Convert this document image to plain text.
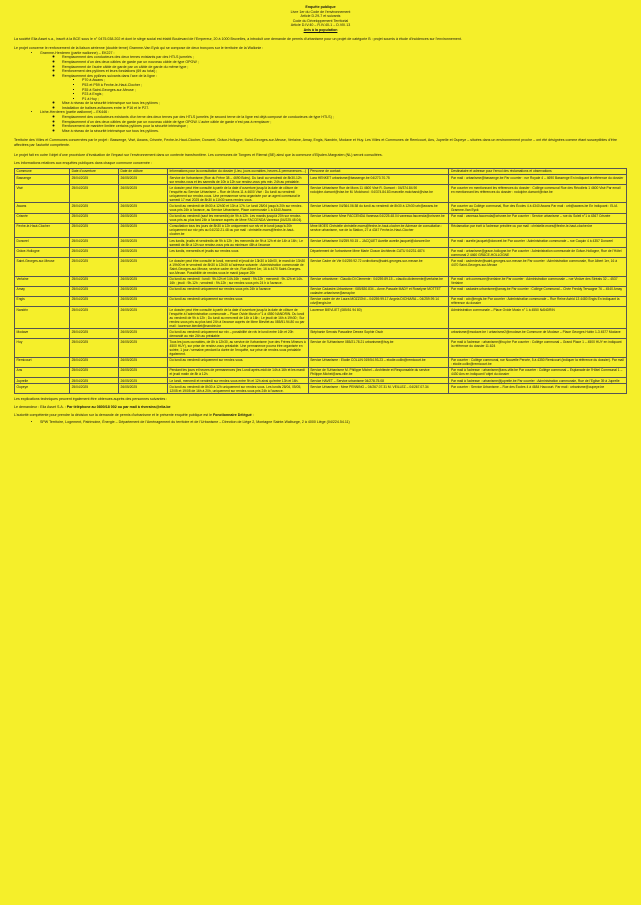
Enquête publique

Livre 1er du Code de l'environnement

Article D.29-7 et suivants

Code du Développement Territorial

Article D.IV.40 – R.IV.40-1 – D.VIII.13

Avis à la population

La société Elia Asset s.a., inscrit à la BCE sous le n° 0475.038.202 et dont le siège social est établi Boulevard de l'Empereur, 20 à 1000 Bruxelles, a introduit une demande de permis d'urbanisme pour un projet de catégorie B : projet soumis à étude d'incidences sur l'environnement.

Le projet concerne le renforcement de la liaison aérienne (double terne) Gramme-Van Eyck qui se compose de deux tronçons sur le territoire de la Wallonie :

• Gramme-Herderen (partie wallonne) – EK227 :
◦ Remplacement des conducteurs des deux ternes existants par des HTLS jumelés ;
◦ Remplacement d'un des deux câbles de garde par un nouveau câble de type OPGW ;
◦ Remplacement de l'autre câble de garde par un câble de garde du même type ;
◦ Renforcement des pylônes et leurs fondations (69 au total) ;
◦ Remplacement des pylônes suivants dans l'axe de la ligne :
▪ P70 à Awans ;
▪ P53 et P59 à Fexhe-le-Haut-Clocher ;
▪ P35 à Saint-Georges-sur-Meuse ;
▪ P23 à Engis ;
▪ P1 à Huy ;
◦ Mise à niveau de la sécurité intrinsèque sur tous les pylônes ;
◦ Installation de balises avifaunes entre le P16 et le P27.
• Lixhe-Herderen (partie wallonne) – EK446 :
◦ Remplacement des conducteurs existants d'un terne des deux ternes par des HTLS jumelés (le second terne de la ligne est déjà composé de conducteurs de type HTLS) ;
◦ Remplacement d'un des deux câbles de garde par un nouveau câble de type OPGW. L'autre câble de garde n'est pas à remplacer ;
◦ Renforcement de manière limitée certains pylônes pour la sécurité intrinsèque ;
◦ Mise à niveau de la sécurité intrinsèque sur tous les pylônes.

Territoire des Villes et Communes concernées par le projet : Bassenge, Visé, Awans, Crisnée, Fexhe-le-Haut-Clocher, Donceel, Grâce-Hollogne, Saint-Georges-sur-Meuse, Verlaine, Amay, Engis, Nandrin, Modave et Huy. Les Villes et Communes de Remicourt, Ans, Juprelle et Oupeye – situées dans un environnement proche – ont été désignées comme étant susceptibles d'être affectées par l'autorité compétente.

Le projet fait en outre l'objet d'une procédure d'évaluation de l'impact sur l'environnement dans un contexte transfrontière. Les communes de Tongres et Riemst (BE) ainsi que la commune d'Eijsden-Margraten (NL) seront consultées.

Les informations relatives aux enquêtes publiques dans chaque commune concernée :

Commune	Date d'ouverture	Date de clôture	Informations pour la consultation du dossier (Lieu, jours ouvrables, heures & permanences…)	Personne de contact	Destinataire et adresse pour l'envoi des réclamations et observations
Bassenge	25/04/2025	26/05/2025	Service de l'urbanisme (Rue du Frêne 38 – 4690 Boirs). Du lundi au vendredi de 8h30-12h sur rendez-vous et les samedis de 10h à 12h sur rendez-vous pris min. 24h au préalable.	Lara HENKET urbanisme@bassenge.be 04/273.70.75	Par mail : urbanisme@bassenge.be Par courrier : rue Royale 4 – 4690 Bassenge En indiquant la référence du dossier
Visé	25/04/2025	26/05/2025	Le dossier peut être consulté à partir de la date d'ouverture jusqu'à la date de clôture de l'enquête au Service Urbanisme – Rue de Mons 11 à 4600 Visé : Du lundi au vendredi uniquement sur rendez-vous. Une permanence sera organisée par un agent communal le samedi 17 mai 2025 de 8h30 à 11h30 sans rendez-vous.	Service Urbanisme Rue de Mons 11 4600 Visé R. Dumont : 04/374.84.90 rodolphe.dumont@vise.be M. Molchand : 04/374.84.83 marcelle.molchand@vise.be	Par courrier en mentionnant les références du dossier : Collège communal Rue des Récollets 1 4600 Visé Par email en mentionnant les références du dossier : rodolphe.dumont@vise.be
Awans	25/04/2025	26/05/2025	Du lundi au vendredi de 8h30 à 12h30 et 13h à 17h. Le lundi 28/04 jusqu'à 20h sur rendez-vous pris 24h à l'avance, au Service Urbanisme, Place communale 1 à 4340 Awans	Service Urbanisme 04/364.06.58 du lundi au vendredi de 8h30 à 12h30 urb@awans.be	Par courrier au Collège communal, Rue des Écoles 4 à 4340 Awans Par mail : urb@awans.be En indiquant : ELIA Gramme-Van Eyck
Crisnée	25/04/2025	26/05/2025	Du lundi au vendredi (sauf les mercredis) de 9h à 12h. Les mardis jusqu'à 20h sur rendez-vous pris au plus tard 24h à l'avance auprès de Mme FACCENDA Vanessa (04/225.48.04).	Service Urbanisme Mme FACCENDA Vanessa 04/225.48.04 vanessa.faccenda@crisnee.be	Par mail : vanessa.faccenda@crisnee.be Par courrier : Service urbanisme – rue du Soleil n°1 à 4367 Crisnée
Fexhe-le-Haut-Clocher	25/04/2025	26/05/2025	Consultation tous les jours de 8h30 à 12h uniquement sur rdv et le lundi jusqu'à 20h uniquement sur rdv pris au 04/232.21.48 ou par mail : christelle.moes@fexhe-le-haut-clocher.be	Mme MOES Christelle christelle.moes@fexhe-le-haut-clocher.be Adresse de consultation : service urbanisme, rue de la Station, 27 à 4347 Fexhe-le-Haut-Clocher	Réclamation par écrit à l'adresse précitée ou par mail : christelle.moes@fexhe-le-haut-clocher.be
Donceel	25/04/2025	26/05/2025	Les lundis, jeudis et vendredis de 9h à 12h ; les mercredis de 9h à 12h et de 14h à 16h ; Le samedi de 8h à 12h sur rendez-vous pris au minimum 48h à l'avance	Service Urbanisme 04/259.90.15 – JACQUET Aurélie aurelie.jacquet@donceel.be	Par mail : aurelie.jacquet@donceel.be Par courrier : Administration communale – rue Caquin 4 à 4357 Donceel
Grâce-Hollogne	25/04/2025	26/05/2025	Les lundis, mercredis et jeudis sur rendez-vous	Département de l'urbanisme Mme Marie Closon Architecte-CATU 04/231.4874	Par mail : urbanisme@grace-hollogne.be Par courrier : Administration communale de Grâce-Hollogne, Rue de l'Hôtel communal 2 4460 GRÂCE-HOLLOGNE
Saint-Georges-sur-Meuse	25/04/2025	26/05/2025	Le dossier peut être consulté le lundi, mercredi et jeudi de 13h30 à 16h00, le mardi de 13h30 à 19h00 et le vendredi de 8h30 à 12h30 à l'adresse suivante : Administration communale de Saint-Georges-sur-Meuse, service cadre de vie, Rue Albert 1er, 16 à 4470 Saint-Georges-sur-Meuse. Possibilité de rendez-vous le mardi jusque 20h	Service Cadre de Vie 04/259.92.72 cvdirctions@saint-georges-sur-meuse.be	Par mail : cadredevie@saint-georges-sur-meuse.be Par courrier : Administration communale, Rue Albert 1er, 16 à 4470 Saint-Georges-sur-Meuse
Verlaine	25/04/2025	26/05/2025	Du lundi au vendredi : lundi : 9h-12h et 14h-16h ; mardi : 9h-12h ; mercredi : 9h-12h et 14h-16h ; jeudi : 9h-12h ; vendredi : 9h-12h ; sur rendez-vous pris 24 h à l'avance.	Service urbanisme : Claudio Di Clemente : 04/259.89.15 – claudio.diclemente@verlaine.be	Par mail : urb.commune@verlaine.be Par courrier : Administration communale – rue Vinâve des Stréats 32 – 4537 Verlaine
Amay	25/04/2025	26/05/2025	Du lundi au vendredi uniquement sur rendez-vous pris 24h à l'avance	Service Cadastre-Urbanisme : 085/830.834 – Anne-Pascale MADY et Roselyne MOTTET cadastre.urbanisme@amay.be	Par mail : cadastre.urbanisme@amay.be Par courrier : Collège Communal – Chée Freddy Terwagne 76 – 4540 Amay
Engis	25/04/2025	26/05/2025	Du lundi au vendredi uniquement sur rendez-vous	Service cadre de vie Laura MOZZONI – 04/259.99.17 Angela DICHIARA – 04/259.99.14 cdv@engis.be	Par mail : cdv@engis.be Par courrier : Administration communale – Rue Reine Astrid 13 4480 Engis En indiquant la référence du dossier
Nandrin	25/04/2025	26/05/2025	Le dossier peut être consulté à partir de la date d'ouverture jusqu'à la date de clôture de l'enquête à l'administration communale – Place Ovide Musin n°1 à 4550 NANDRIN. Du lundi au vendredi de 9h à 12h ; Du lundi au mercredi de 14h à 16h ; Le jeudi de 16h à 19h30 ; Sur rendez-vous pris au plus tard 24h à l'avance auprès de Mme Bievliet au 085/51.94.80 ou par mail : laurence.bievliet@nandrin.be	Laurence BIEVLIET (085/51 94 80)	Administration communale – Place Ovide Musin n° 1 à 4550 NANDRIN
Modave	25/04/2025	26/05/2025	Du lundi au vendredi uniquement sur rdv – possibilité de rdv le lundi entre 16h et 20h demandé au min 24h au préalable	Stéphanie Servais Pascaline Dewez Sophie Osoh	urbanisme@modave.be / urbanisme2@modave.be Commune de Modave – Place Georges Hubin 1-3 4577 Modave
Huy	25/04/2025	26/05/2025	Tous les jours ouvrables, de 8h à 12h30, au service de l'urbanisme (rue des Frères Mineurs à 4500 HUY), sur prise de rendez-vous préalable. Une permanence pourra être organisée en soirée, 1 jour / semaine pendant la durée de l'enquête, sur prise de rendez-vous préalable également.	Service de l'Urbanisme 085/21.78.21 urbanisme@huy.be	Par mail à l'adresse : urbanisme@huy.be Par courrier : Collège communal – Grand Place 1 – 4500 HUY en indiquant la référence du dossier 11.624
Remicourt	25/04/2025	26/05/2025	Du lundi au vendredi uniquement sur rendez-vous.	Service Urbanisme : Elodie COLLIN 019/54.93.23 – elodie.collin@remicourt.be	Par courrier : Collège communal, rue Nouvelle Percée, 5 à 4350 Remicourt (indiquer la référence du dossier). Par mail : elodie.collin@remicourt.be
Ans	25/04/2025	26/05/2025	Pendant les jours et heures de permanences (les Lundi après-midi de 14h à 16h et les mardi et jeudi matin de 8h à 12h.	Service de l'Urbanisme M. Philippe Michel – Architecte et Responsable du service Philippe.Michel@ans-ville.be	Par mail à l'adresse : urbanisme@ans-ville.be Par courrier : Collège communal – Esplanade de l'Hôtel Communal 1 – 4430 Ans en indiquant l'objet du dossier
Juprelle	25/04/2025	26/05/2025	Le lundi, mercredi et vendredi sur rendez-vous entre 9h et 12h ainsi qu'entre 13h et 16h.	Service HAVET – Service urbanisme 04/278.75.08	Par mail à l'adresse : urbanisme@juprelle.be Par courrier : Administration communale, Rue de l'Eglise 39 à Juprelle
Oupeye	25/04/2025	26/05/2025	Du lundi au vendredi de 8h30 à 12h uniquement sur rendez-vous. Les lundis 28/04, 05/05, 12/05 et 19/05 de 16h à 20h, uniquement sur rendez-vous pris 24h à l'avance.	Service Urbanisme : Mme PENNING – 04/267.07.31 M. VEILLEZ – 04/267.07.34	Par courrier : Service Urbanisme – Rue des Écoles 4 à 4684 Haccourt. Par mail : urbanisme@oupeye.be

Les explications techniques peuvent également être obtenues auprès des personnes suivantes :

Le demandeur : Elia Asset S.A. : Par téléphone au 0800/18 002 ou par mail à riverains@elia.be

L'autorité compétente pour prendre la décision sur la demande de permis d'urbanisme et le présente enquête publique est le Fonctionnaire Délégué :

• SPW Territoire, Logement, Patrimoine, Énergie – Département de l'Aménagement du territoire et de l'Urbanisme – Direction de Liège 2, Montagne Sainte-Walburge, 2 à 4000 Liège (04/224.54.11)
